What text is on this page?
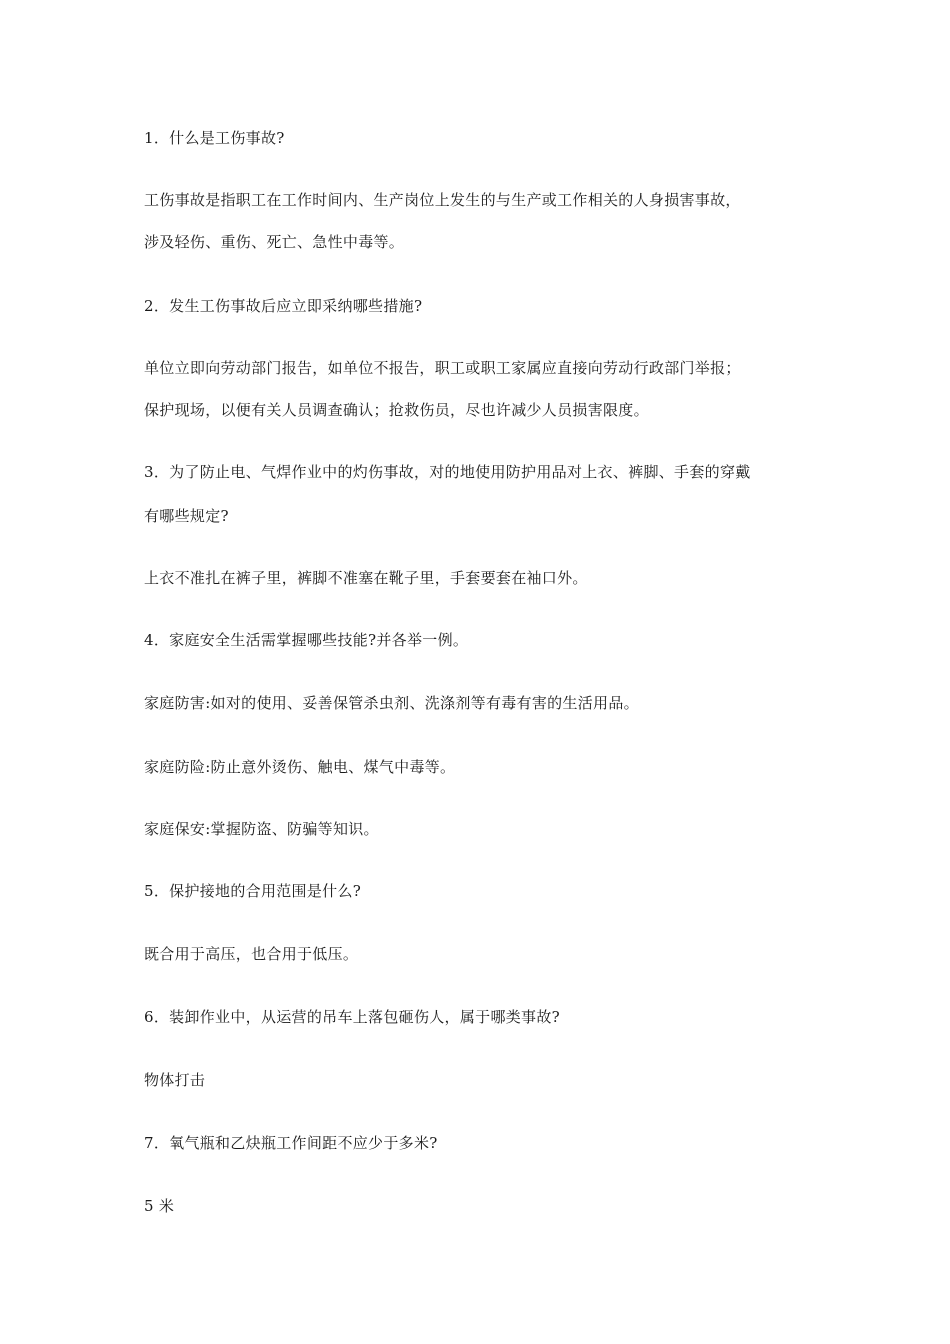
1．什么是工伤事故?
工伤事故是指职工在工作时间内、生产岗位上发生的与生产或工作相关的人身损害事故，
涉及轻伤、重伤、死亡、急性中毒等。
2．发生工伤事故后应立即采纳哪些措施?
单位立即向劳动部门报告，如单位不报告，职工或职工家属应直接向劳动行政部门举报；
保护现场，以便有关人员调查确认；抢救伤员，尽也许减少人员损害限度。
3．为了防止电、气焊作业中的灼伤事故，对的地使用防护用品对上衣、裤脚、手套的穿戴
有哪些规定?
上衣不准扎在裤子里，裤脚不准塞在靴子里，手套要套在袖口外。
4．家庭安全生活需掌握哪些技能?并各举一例。
家庭防害:如对的使用、妥善保管杀虫剂、洗涤剂等有毒有害的生活用品。
家庭防险:防止意外烫伤、触电、煤气中毒等。
家庭保安:掌握防盗、防骗等知识。
5．保护接地的合用范围是什么?
既合用于高压，也合用于低压。
6．装卸作业中，从运营的吊车上落包砸伤人，属于哪类事故?
物体打击
7．氧气瓶和乙炔瓶工作间距不应少于多米?
5 米
